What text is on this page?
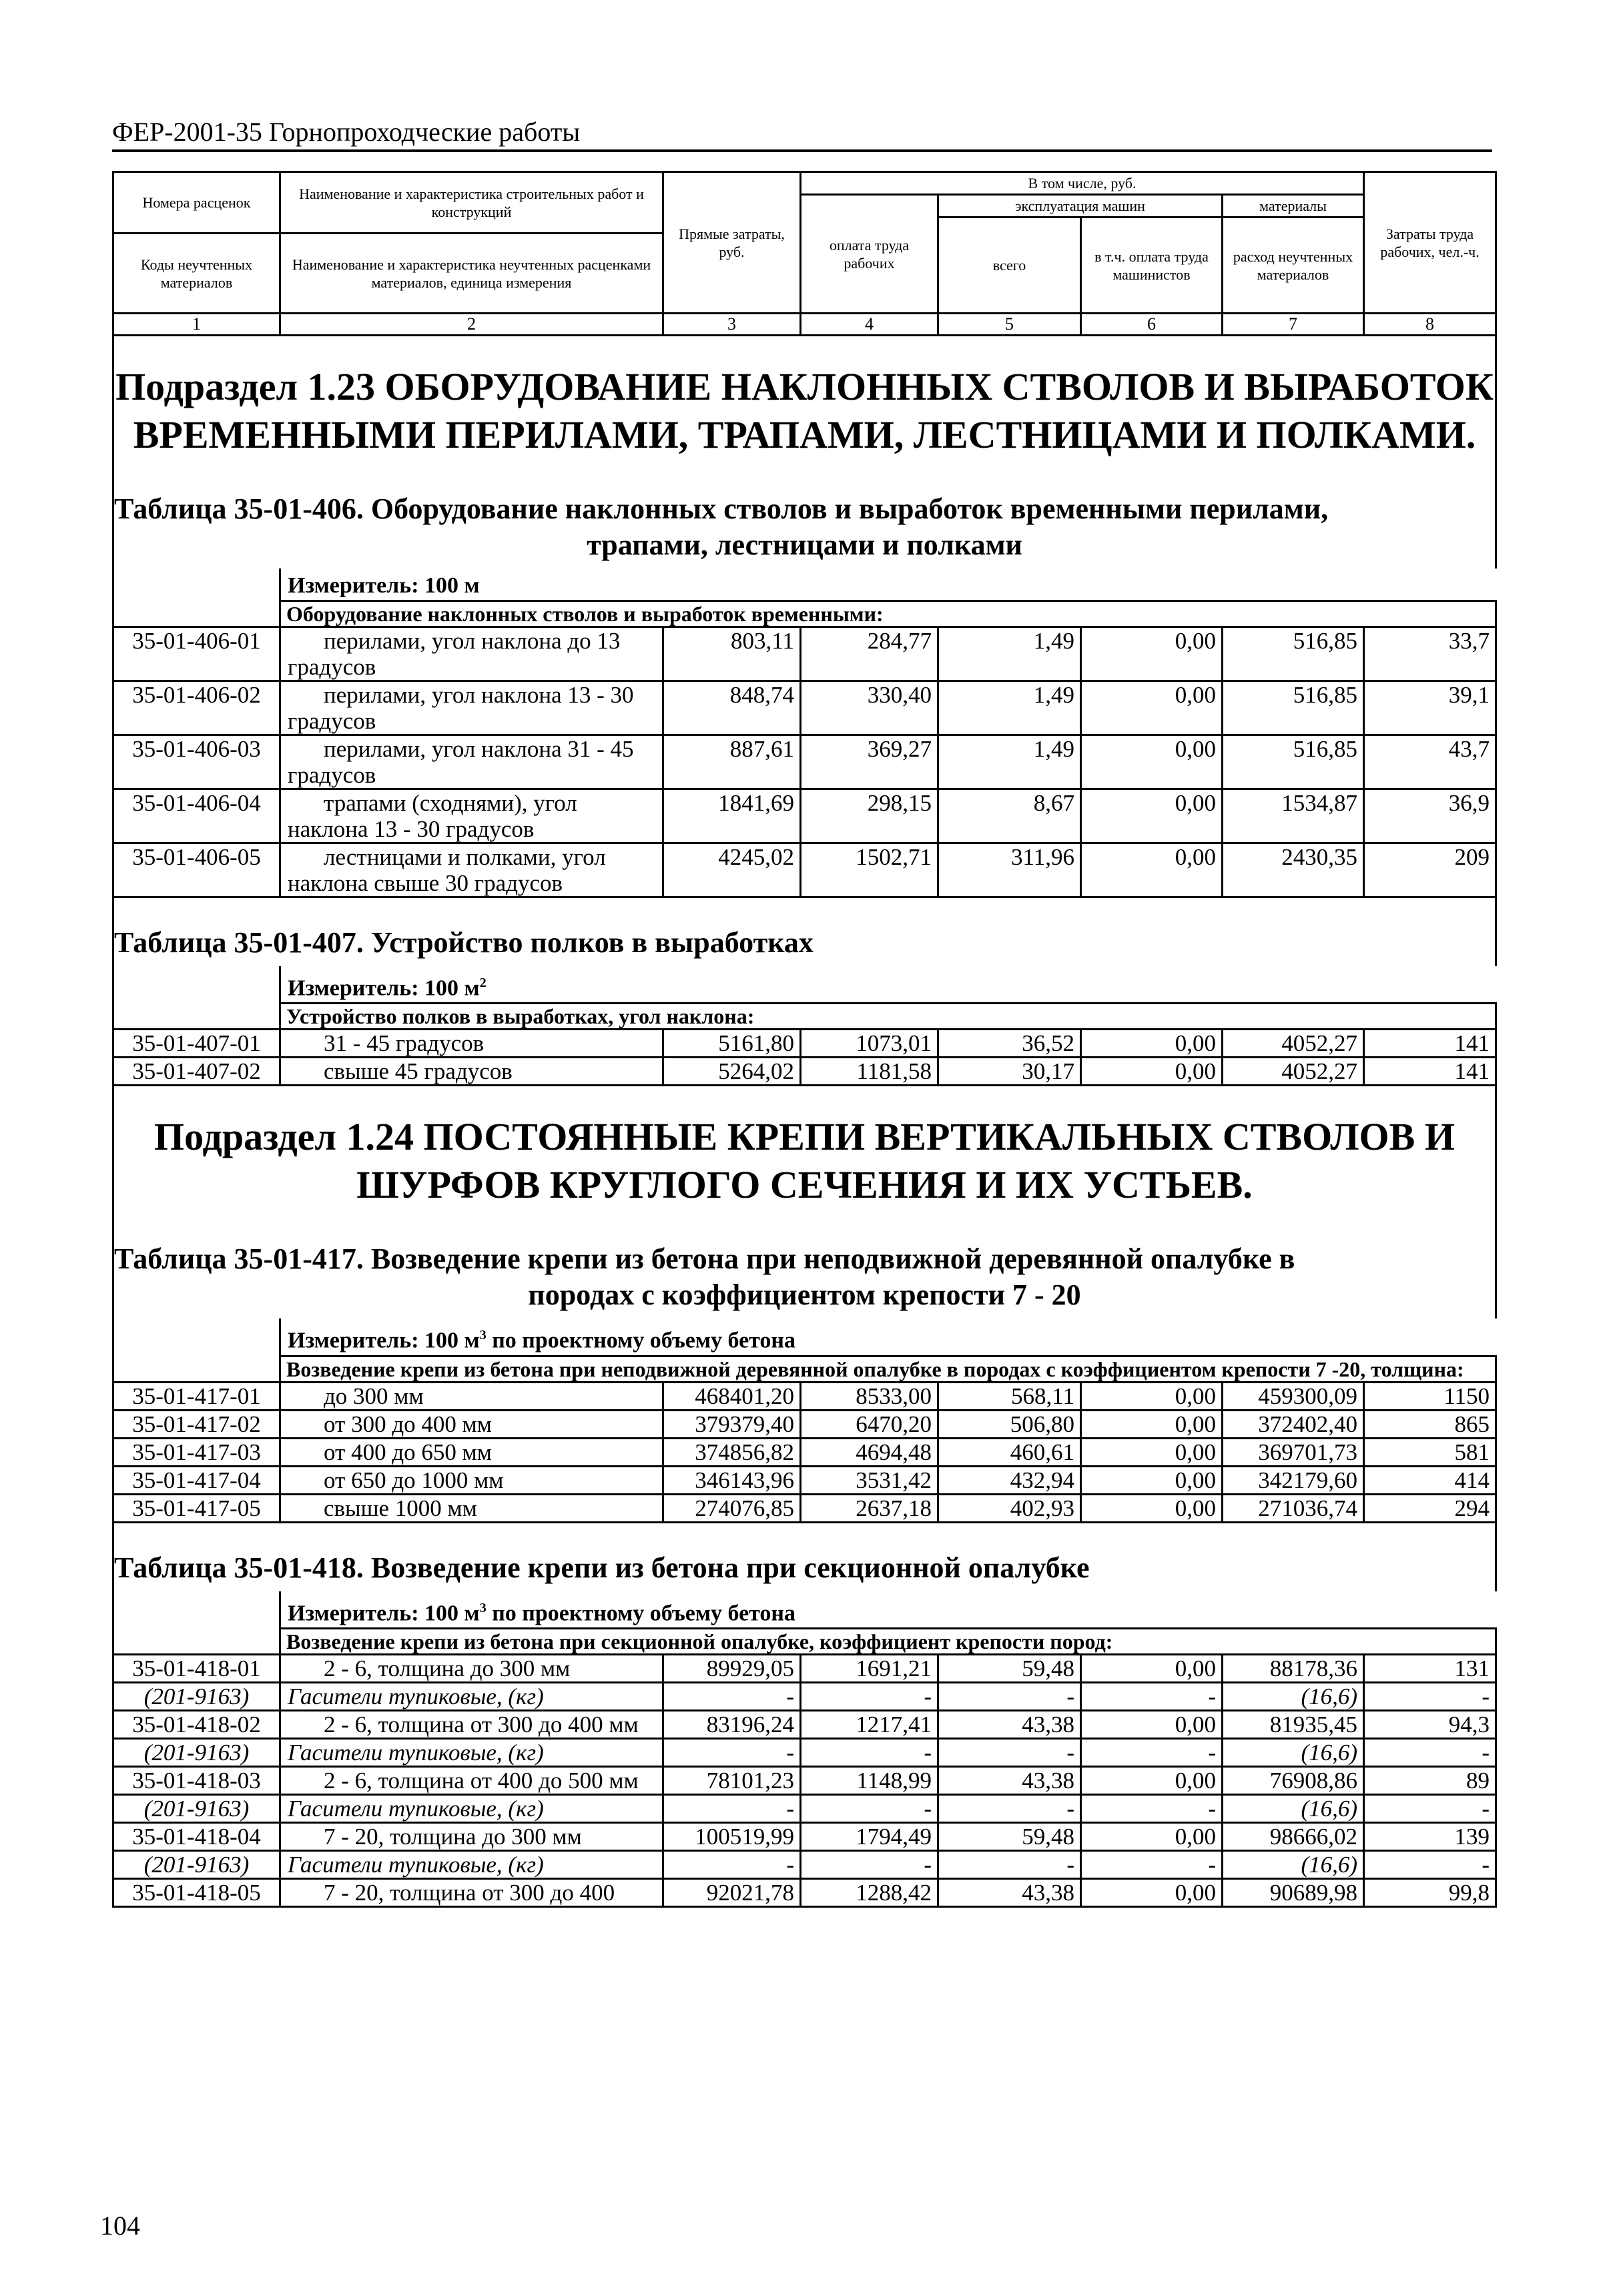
ФЕР-2001-35 Горнопроходческие работы
Номера расценок	Наименование и характеристика строительных работ и конструкций	Прямые затраты, руб.	В том числе, руб.				Затраты труда рабочих, чел.-ч.
			оплата труда рабочих	эксплуатация машин		материалы	
				всего	в т.ч. оплата труда машинистов	расход неучтенных материалов	
Коды неучтенных материалов	Наименование и характеристика неучтенных расценками материалов, единица измерения						

1	2	3	4	5	6	7	8
Подраздел 1.23 ОБОРУДОВАНИЕ НАКЛОННЫХ СТВОЛОВ И ВЫРАБОТОК ВРЕМЕННЫМИ ПЕРИЛАМИ, ТРАПАМИ, ЛЕСТНИЦАМИ И ПОЛКАМИ.							
Таблица 35-01-406. Оборудование наклонных стволов и выработок временными перилами,
трапами, лестницами и полками							

	Измеритель: 100 м						
	Оборудование наклонных стволов и выработок временными:						
35-01-406-01	перилами, угол наклона до 13 градусов	803,11	284,77	1,49	0,00	516,85	33,7
35-01-406-02	перилами, угол наклона 13 - 30 градусов	848,74	330,40	1,49	0,00	516,85	39,1
35-01-406-03	перилами, угол наклона 31 - 45 градусов	887,61	369,27	1,49	0,00	516,85	43,7
35-01-406-04	трапами (сходнями), угол наклона 13 - 30 градусов	1841,69	298,15	8,67	0,00	1534,87	36,9
35-01-406-05	лестницами и полками, угол наклона свыше 30 градусов	4245,02	1502,71	311,96	0,00	2430,35	209

Таблица 35-01-407. Устройство полков в выработках							
	Измеритель: 100 $м^2$
	Устройство полков в выработках, угол наклона:						
35-01-407-01	31 - 45 градусов	5161,80	1073,01	36,52	0,00	4052,27	141
35-01-407-02	свыше 45 градусов	5264,02	1181,58	30,17	0,00	4052,27	141
Подраздел 1.24 ПОСТОЯННЫЕ КРЕПИ ВЕРТИКАЛЬНЫХ СТВОЛОВ И ШУРФОВ КРУГЛОГО СЕЧЕНИЯ И ИХ УСТЬЕВ.							
Таблица 35-01-417. Возведение крепи из бетона при неподвижной деревянной опалубке в
породах с коэффициентом крепости 7 - 20							

	Измеритель: 100 $м^3$ по проектному объему бетона						
	Возведение крепи из бетона при неподвижной деревянной опалубке в породах с коэффициентом крепости 7 -20, толщина:						
35-01-417-01	до 300 мм	468401,20	8533,00	568,11	0,00	459300,09	1150
35-01-417-02	от 300 до 400 мм	379379,40	6470,20	506,80	0,00	372402,40	865
35-01-417-03	от 400 до 650 мм	374856,82	4694,48	460,61	0,00	369701,73	581
35-01-417-04	от 650 до 1000 мм	346143,96	3531,42	432,94	0,00	342179,60	414
35-01-417-05	свыше 1000 мм	274076,85	2637,18	402,93	0,00	271036,74	294

Таблица 35-01-418. Возведение крепи из бетона при секционной опалубке							
	Измеритель: 100 $м^3$ по проектному объему бетона						
	Возведение крепи из бетона при секционной опалубке, коэффициент крепости пород:						
35-01-418-01	2 - 6, толщина до 300 мм	89929,05	1691,21	59,48	0,00	88178,36	131
(201-9163)	Гасители тупиковые, (кг)	-	-	-	-	(16,6)	-
35-01-418-02	2 - 6, толщина от 300 до 400 мм	83196,24	1217,41	43,38	0,00	81935,45	94,3
(201-9163)	Гасители тупиковые, (кг)	-	-	-	-	(16,6)	-
35-01-418-03	2 - 6, толщина от 400 до 500 мм	78101,23	1148,99	43,38	0,00	76908,86	89
(201-9163)	Гасители тупиковые, (кг)	-	-	-	-	(16,6)	-
35-01-418-04	7 - 20, толщина до 300 мм	100519,99	1794,49	59,48	0,00	98666,02	139
(201-9163)	Гасители тупиковые, (кг)	-	-	-	-	(16,6)	-
35-01-418-05	7 - 20, толщина от 300 до 400	92021,78	1288,42	43,38	0,00	90689,98	99,8
104
